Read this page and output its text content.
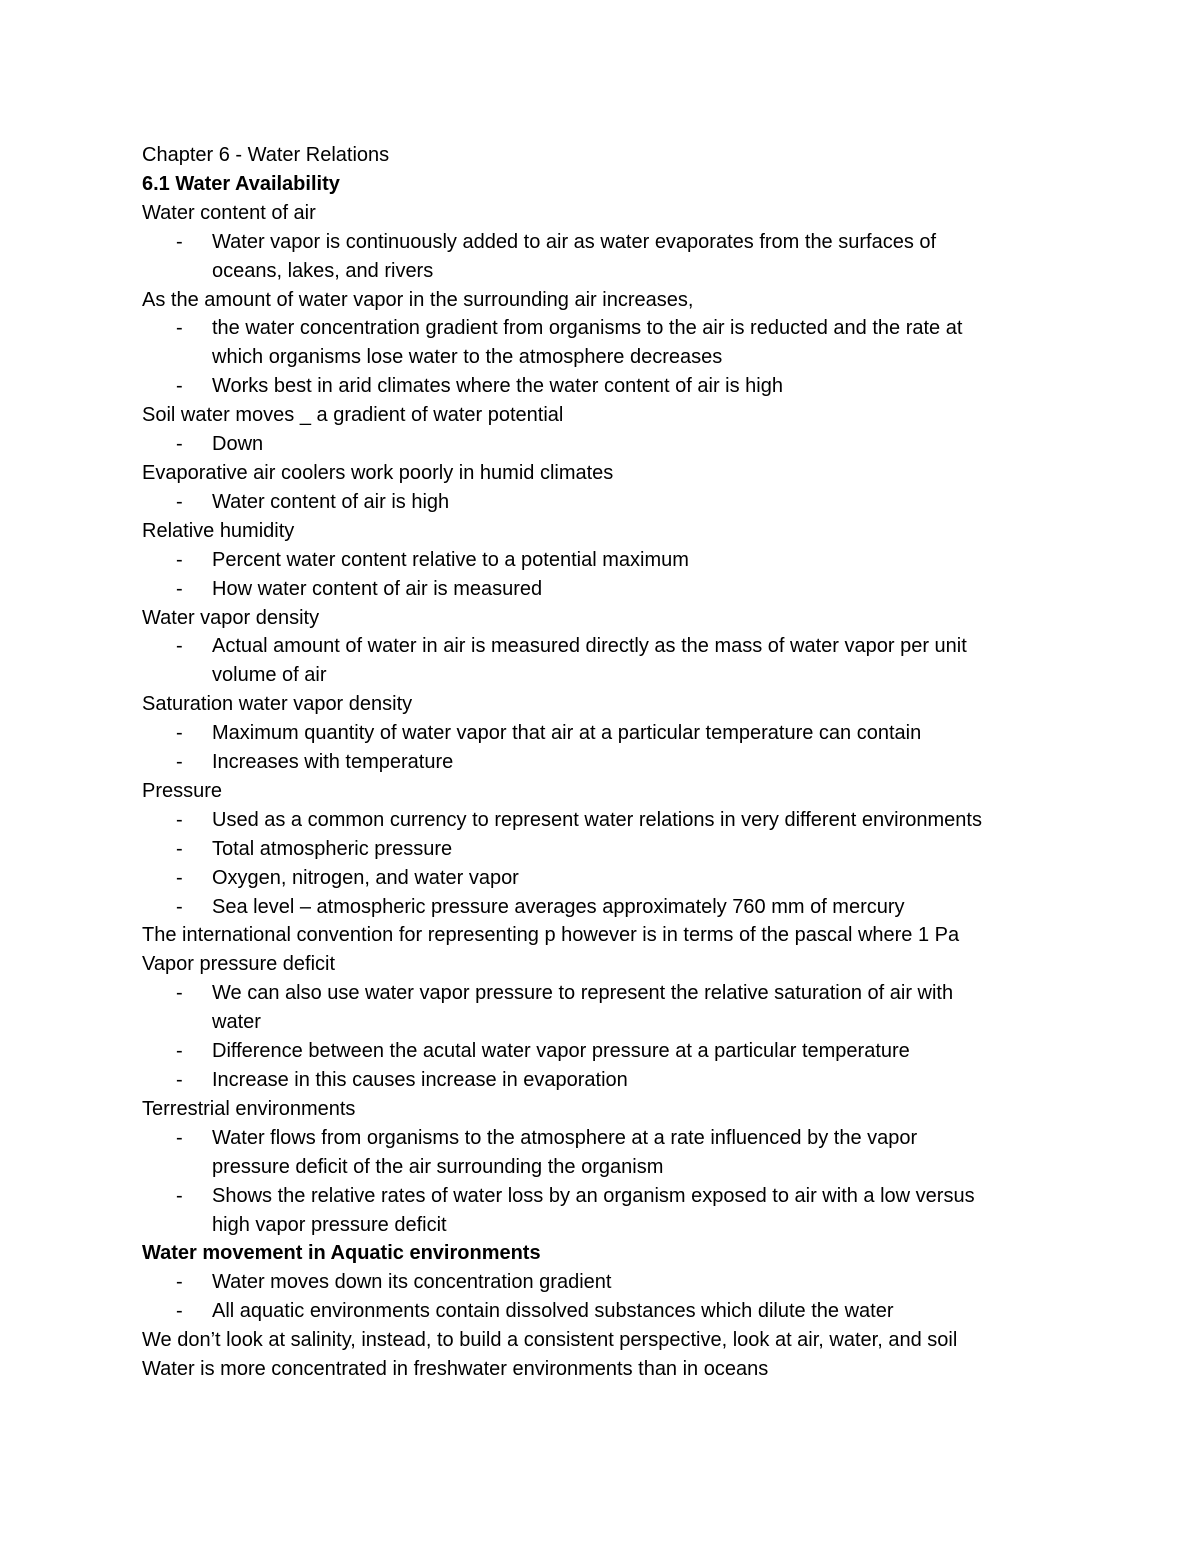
Chapter 6 - Water Relations
6.1 Water Availability
Water content of air
- Water vapor is continuously added to air as water evaporates from the surfaces of
oceans, lakes, and rivers
As the amount of water vapor in the surrounding air increases,
- the water concentration gradient from organisms to the air is reducted and the rate at
which organisms lose water to the atmosphere decreases
- Works best in arid climates where the water content of air is high
Soil water moves _ a gradient of water potential
- Down
Evaporative air coolers work poorly in humid climates
- Water content of air is high
Relative humidity
- Percent water content relative to a potential maximum
- How water content of air is measured
Water vapor density
- Actual amount of water in air is measured directly as the mass of water vapor per unit
volume of air
Saturation water vapor density
- Maximum quantity of water vapor that air at a particular temperature can contain
- Increases with temperature
Pressure
- Used as a common currency to represent water relations in very different environments
- Total atmospheric pressure
- Oxygen, nitrogen, and water vapor
- Sea level – atmospheric pressure averages approximately 760 mm of mercury
The international convention for representing p however is in terms of the pascal where 1 Pa
Vapor pressure deficit
- We can also use water vapor pressure to represent the relative saturation of air with
water
- Difference between the acutal water vapor pressure at a particular temperature
- Increase in this causes increase in evaporation
Terrestrial environments
- Water flows from organisms to the atmosphere at a rate influenced by the vapor
pressure deficit of the air surrounding the organism
- Shows the relative rates of water loss by an organism exposed to air with a low versus
high vapor pressure deficit
Water movement in Aquatic environments
- Water moves down its concentration gradient
- All aquatic environments contain dissolved substances which dilute the water
We don’t look at salinity, instead, to build a consistent perspective, look at air, water, and soil
Water is more concentrated in freshwater environments than in oceans
